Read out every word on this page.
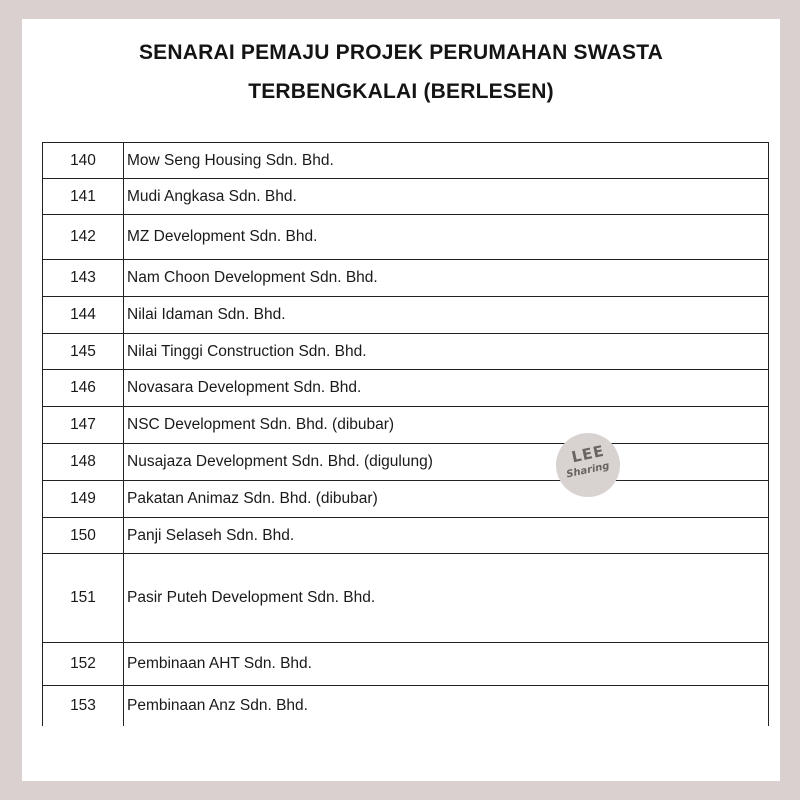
SENARAI PEMAJU PROJEK PERUMAHAN SWASTA
TERBENGKALAI (BERLESEN)
140	Mow Seng Housing Sdn. Bhd.
141	Mudi Angkasa Sdn. Bhd.
142	MZ Development Sdn. Bhd.
143	Nam Choon Development Sdn. Bhd.
144	Nilai Idaman Sdn. Bhd.
145	Nilai Tinggi Construction Sdn. Bhd.
146	Novasara Development Sdn. Bhd.
147	NSC Development Sdn. Bhd. (dibubar)
148	Nusajaza Development Sdn. Bhd. (digulung)
149	Pakatan Animaz Sdn. Bhd. (dibubar)
150	Panji Selaseh Sdn. Bhd.
151	Pasir Puteh Development Sdn. Bhd.
152	Pembinaan AHT Sdn. Bhd.
153	Pembinaan Anz Sdn. Bhd.
LEE
Sharing
